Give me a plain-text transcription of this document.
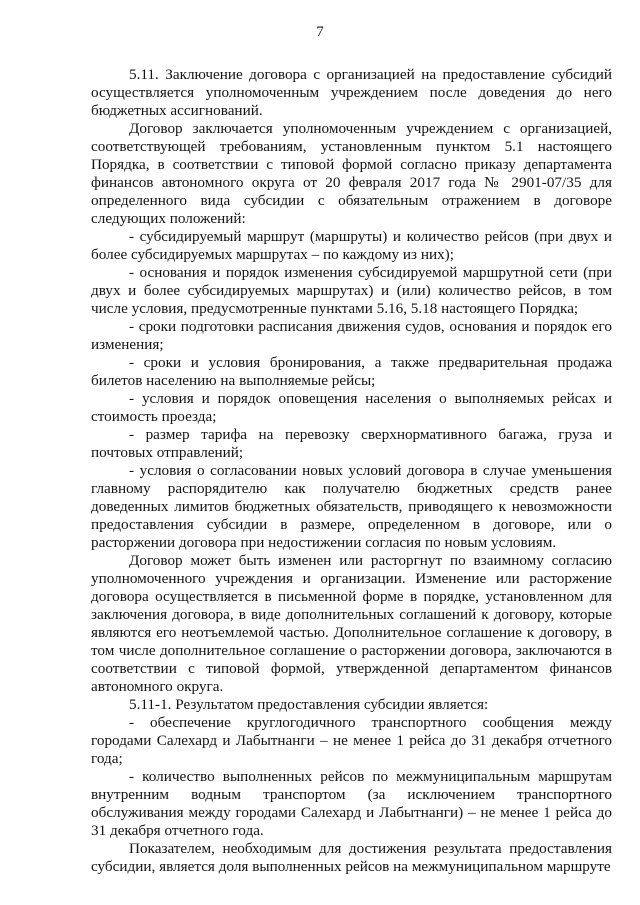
7

5.11. Заключение договора с организацией на предоставление субсидий осуществляется уполномоченным учреждением после доведения до него бюджетных ассигнований.

Договор заключается уполномоченным учреждением с организацией, соответствующей требованиям, установленным пунктом 5.1 настоящего Порядка, в соответствии с типовой формой согласно приказу департамента финансов автономного округа от 20 февраля 2017 года № 2901-07/35 для определенного вида субсидии с обязательным отражением в договоре следующих положений:

- субсидируемый маршрут (маршруты) и количество рейсов (при двух и более субсидируемых маршрутах – по каждому из них);

- основания и порядок изменения субсидируемой маршрутной сети (при двух и более субсидируемых маршрутах) и (или) количество рейсов, в том числе условия, предусмотренные пунктами 5.16, 5.18 настоящего Порядка;

- сроки подготовки расписания движения судов, основания и порядок его изменения;

- сроки и условия бронирования, а также предварительная продажа билетов населению на выполняемые рейсы;

- условия и порядок оповещения населения о выполняемых рейсах и стоимость проезда;

- размер тарифа на перевозку сверхнормативного багажа, груза и почтовых отправлений;

- условия о согласовании новых условий договора в случае уменьшения главному распорядителю как получателю бюджетных средств ранее доведенных лимитов бюджетных обязательств, приводящего к невозможности предоставления субсидии в размере, определенном в договоре, или о расторжении договора при недостижении согласия по новым условиям.

Договор может быть изменен или расторгнут по взаимному согласию уполномоченного учреждения и организации. Изменение или расторжение договора осуществляется в письменной форме в порядке, установленном для заключения договора, в виде дополнительных соглашений к договору, которые являются его неотъемлемой частью. Дополнительное соглашение к договору, в том числе дополнительное соглашение о расторжении договора, заключаются в соответствии с типовой формой, утвержденной департаментом финансов автономного округа.

5.11-1. Результатом предоставления субсидии является:

- обеспечение круглогодичного транспортного сообщения между городами Салехард и Лабытнанги – не менее 1 рейса до 31 декабря отчетного года;

- количество выполненных рейсов по межмуниципальным маршрутам внутренним водным транспортом (за исключением транспортного обслуживания между городами Салехард и Лабытнанги) – не менее 1 рейса до 31 декабря отчетного года.

Показателем, необходимым для достижения результата предоставления субсидии, является доля выполненных рейсов на межмуниципальном маршруте
